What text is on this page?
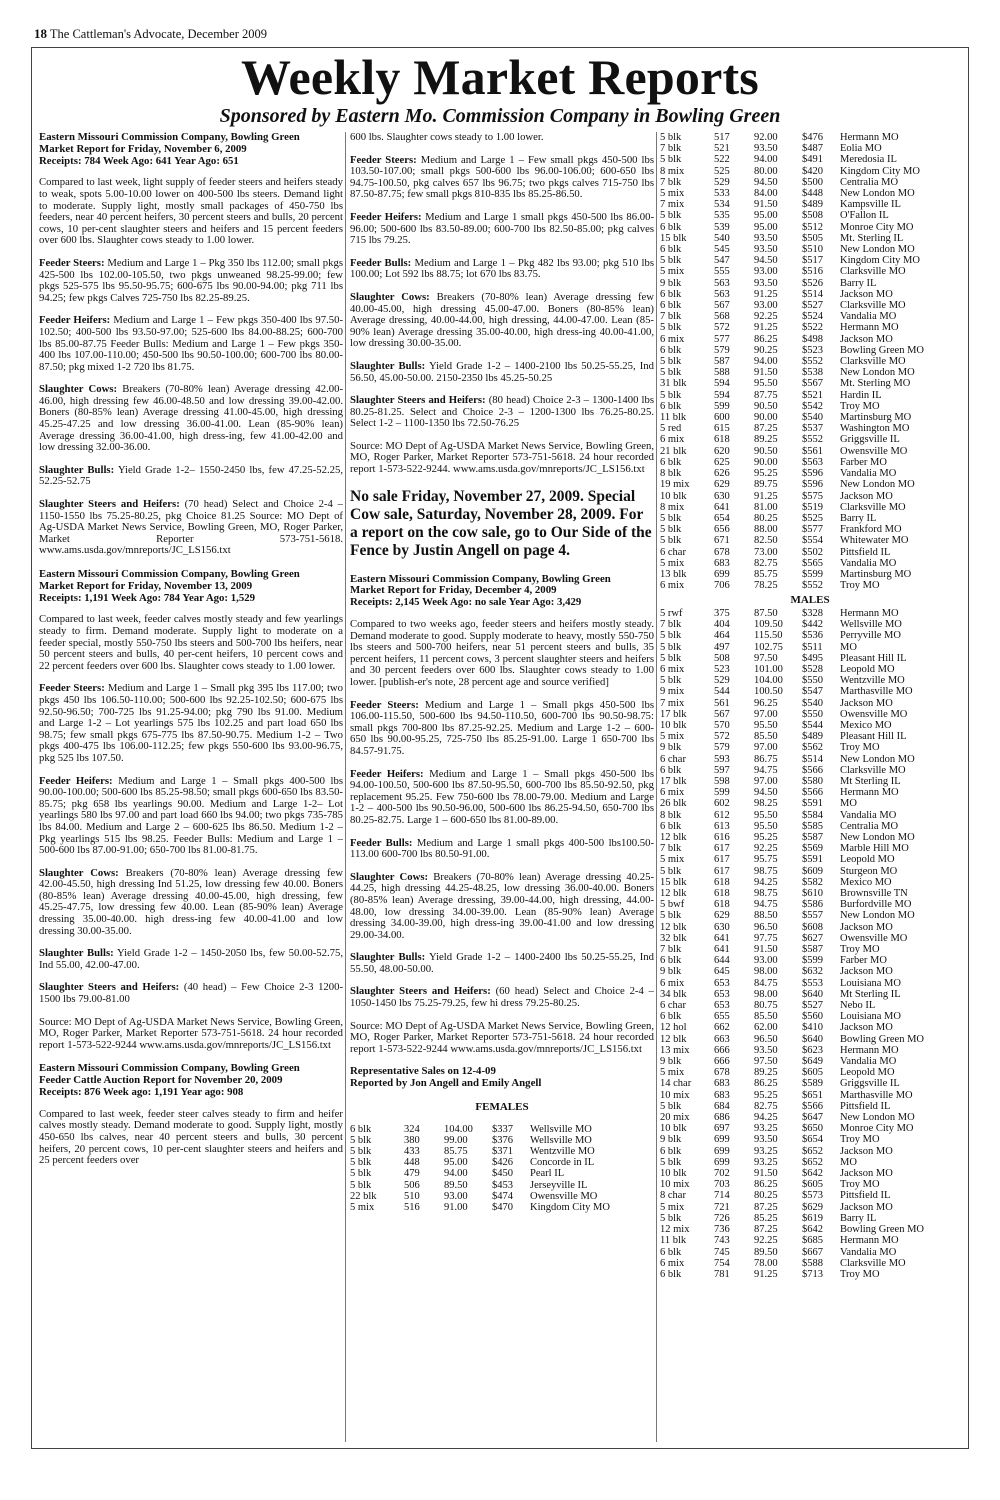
18 The Cattleman's Advocate, December 2009
Weekly Market Reports
Sponsored by Eastern Mo. Commission Company in Bowling Green
Eastern Missouri Commission Company, Bowling Green
Market Report for Friday, November 6, 2009
Receipts: 784 Week Ago: 641 Year Ago: 651

Compared to last week, light supply of feeder steers and heifers steady to weak, spots 5.00-10.00 lower on 400-500 lbs steers. Demand light to moderate. Supply light, mostly small packages of 450-750 lbs feeders, near 40 percent heifers, 30 percent steers and bulls, 20 percent cows, 10 per-cent slaughter steers and heifers and 15 percent feeders over 600 lbs. Slaughter cows steady to 1.00 lower.

Feeder Steers: Medium and Large 1 – Pkg 350 lbs 112.00; small pkgs 425-500 lbs 102.00-105.50, two pkgs unweaned 98.25-99.00; few pkgs 525-575 lbs 95.50-95.75; 600-675 lbs 90.00-94.00; pkg 711 lbs 94.25; few pkgs Calves 725-750 lbs 82.25-89.25.

Feeder Heifers: Medium and Large 1 – Few pkgs 350-400 lbs 97.50-102.50; 400-500 lbs 93.50-97.00; 525-600 lbs 84.00-88.25; 600-700 lbs 85.00-87.75 Feeder Bulls: Medium and Large 1 – Few pkgs 350-400 lbs 107.00-110.00; 450-500 lbs 90.50-100.00; 600-700 lbs 80.00-87.50; pkg mixed 1-2 720 lbs 81.75.

Slaughter Cows: Breakers (70-80% lean) Average dressing 42.00-46.00, high dressing few 46.00-48.50 and low dressing 39.00-42.00. Boners (80-85% lean) Average dressing 41.00-45.00, high dressing 45.25-47.25 and low dressing 36.00-41.00. Lean (85-90% lean) Average dressing 36.00-41.00, high dress-ing, few 41.00-42.00 and low dressing 32.00-36.00.

Slaughter Bulls: Yield Grade 1-2– 1550-2450 lbs, few 47.25-52.25, 52.25-52.75

Slaughter Steers and Heifers: (70 head) Select and Choice 2-4 – 1150-1550 lbs 75.25-80.25, pkg Choice 81.25 Source: MO Dept of Ag-USDA Market News Service, Bowling Green, MO, Roger Parker, Market Reporter 573-751-5618. www.ams.usda.gov/mnreports/JC_LS156.txt

Eastern Missouri Commission Company, Bowling Green
Market Report for Friday, November 13, 2009
Receipts: 1,191 Week Ago: 784 Year Ago: 1,529

Compared to last week, feeder calves mostly steady and few yearlings steady to firm. Demand moderate. Supply light to moderate on a feeder special, mostly 550-750 lbs steers and 500-700 lbs heifers, near 50 percent steers and bulls, 40 per-cent heifers, 10 percent cows and 22 percent feeders over 600 lbs. Slaughter cows steady to 1.00 lower.

Feeder Steers: Medium and Large 1 – Small pkg 395 lbs 117.00; two pkgs 450 lbs 106.50-110.00; 500-600 lbs 92.25-102.50; 600-675 lbs 92.50-96.50; 700-725 lbs 91.25-94.00; pkg 790 lbs 91.00. Medium and Large 1-2 – Lot yearlings 575 lbs 102.25 and part load 650 lbs 98.75; few small pkgs 675-775 lbs 87.50-90.75. Medium 1-2 – Two pkgs 400-475 lbs 106.00-112.25; few pkgs 550-600 lbs 93.00-96.75, pkg 525 lbs 107.50.

Feeder Heifers: Medium and Large 1 – Small pkgs 400-500 lbs 90.00-100.00; 500-600 lbs 85.25-98.50; small pkgs 600-650 lbs 83.50-85.75; pkg 658 lbs yearlings 90.00. Medium and Large 1-2– Lot yearlings 580 lbs 97.00 and part load 660 lbs 94.00; two pkgs 735-785 lbs 84.00. Medium and Large 2 – 600-625 lbs 86.50. Medium 1-2 – Pkg yearlings 515 lbs 98.25. Feeder Bulls: Medium and Large 1 – 500-600 lbs 87.00-91.00; 650-700 lbs 81.00-81.75.

Slaughter Cows: Breakers (70-80% lean) Average dressing few 42.00-45.50, high dressing Ind 51.25, low dressing few 40.00. Boners (80-85% lean) Average dressing 40.00-45.00, high dressing, few 45.25-47.75, low dressing few 40.00. Lean (85-90% lean) Average dressing 35.00-40.00. high dress-ing few 40.00-41.00 and low dressing 30.00-35.00.

Slaughter Bulls: Yield Grade 1-2 – 1450-2050 lbs, few 50.00-52.75, Ind 55.00, 42.00-47.00.

Slaughter Steers and Heifers: (40 head) – Few Choice 2-3 1200-1500 lbs 79.00-81.00

Source: MO Dept of Ag-USDA Market News Service, Bowling Green, MO, Roger Parker, Market Reporter 573-751-5618. 24 hour recorded report 1-573-522-9244 www.ams.usda.gov/mnreports/JC_LS156.txt

Eastern Missouri Commission Company, Bowling Green
Feeder Cattle Auction Report for November 20, 2009
Receipts: 876 Week ago: 1,191 Year ago: 908

Compared to last week, feeder steer calves steady to firm and heifer calves mostly steady. Demand moderate to good. Supply light, mostly 450-650 lbs calves, near 40 percent steers and bulls, 30 percent heifers, 20 percent cows, 10 per-cent slaughter steers and heifers and 25 percent feeders over

600 lbs. Slaughter cows steady to 1.00 lower.

Feeder Steers: Medium and Large 1 – Few small pkgs 450-500 lbs 103.50-107.00; small pkgs 500-600 lbs 96.00-106.00; 600-650 lbs 94.75-100.50, pkg calves 657 lbs 96.75; two pkgs calves 715-750 lbs 87.50-87.75; few small pkgs 810-835 lbs 85.25-86.50.

Feeder Heifers: Medium and Large 1 small pkgs 450-500 lbs 86.00-96.00; 500-600 lbs 83.50-89.00; 600-700 lbs 82.50-85.00; pkg calves 715 lbs 79.25.

Feeder Bulls: Medium and Large 1 – Pkg 482 lbs 93.00; pkg 510 lbs 100.00; Lot 592 lbs 88.75; lot 670 lbs 83.75.

Slaughter Cows: Breakers (70-80% lean) Average dressing few 40.00-45.00, high dressing 45.00-47.00. Boners (80-85% lean) Average dressing, 40.00-44.00, high dressing, 44.00-47.00. Lean (85-90% lean) Average dressing 35.00-40.00, high dress-ing 40.00-41.00, low dressing 30.00-35.00.

Slaughter Bulls: Yield Grade 1-2 – 1400-2100 lbs 50.25-55.25, Ind 56.50, 45.00-50.00. 2150-2350 lbs 45.25-50.25

Slaughter Steers and Heifers: (80 head) Choice 2-3 – 1300-1400 lbs 80.25-81.25. Select and Choice 2-3 – 1200-1300 lbs 76.25-80.25. Select 1-2 – 1100-1350 lbs 72.50-76.25

Source: MO Dept of Ag-USDA Market News Service, Bowling Green, MO, Roger Parker, Market Reporter 573-751-5618. 24 hour recorded report 1-573-522-9244. www.ams.usda.gov/mnreports/JC_LS156.txt

No sale Friday, November 27, 2009. Special Cow sale, Saturday, November 28, 2009. For a report on the cow sale, go to Our Side of the Fence by Justin Angell on page 4.
Eastern Missouri Commission Company, Bowling Green
Market Report for Friday, December 4, 2009
Receipts: 2,145 Week Ago: no sale Year Ago: 3,429

Compared to two weeks ago, feeder steers and heifers mostly steady. Demand moderate to good. Supply moderate to heavy, mostly 550-750 lbs steers and 500-700 heifers, near 51 percent steers and bulls, 35 percent heifers, 11 percent cows, 3 percent slaughter steers and heifers and 30 percent feeders over 600 lbs. Slaughter cows steady to 1.00 lower. [publish-er's note, 28 percent age and source verified]

Feeder Steers: Medium and Large 1 – Small pkgs 450-500 lbs 106.00-115.50, 500-600 lbs 94.50-110.50, 600-700 lbs 90.50-98.75: small pkgs 700-800 lbs 87.25-92.25. Medium and Large 1-2 – 600-650 lbs 90.00-95.25, 725-750 lbs 85.25-91.00. Large 1 650-700 lbs 84.57-91.75.

Feeder Heifers: Medium and Large 1 – Small pkgs 450-500 lbs 94.00-100.50, 500-600 lbs 87.50-95.50, 600-700 lbs 85.50-92.50, pkg replacement 95.25. Few 750-600 lbs 78.00-79.00. Medium and Large 1-2 – 400-500 lbs 90.50-96.00, 500-600 lbs 86.25-94.50, 650-700 lbs 80.25-82.75. Large 1 – 600-650 lbs 81.00-89.00.

Feeder Bulls: Medium and Large 1 small pkgs 400-500 lbs100.50-113.00 600-700 lbs 80.50-91.00.

Slaughter Cows: Breakers (70-80% lean) Average dressing 40.25-44.25, high dressing 44.25-48.25, low dressing 36.00-40.00. Boners (80-85% lean) Average dressing, 39.00-44.00, high dressing, 44.00-48.00, low dressing 34.00-39.00. Lean (85-90% lean) Average dressing 34.00-39.00, high dress-ing 39.00-41.00 and low dressing 29.00-34.00.

Slaughter Bulls: Yield Grade 1-2 – 1400-2400 lbs 50.25-55.25, Ind 55.50, 48.00-50.00.

Slaughter Steers and Heifers: (60 head) Select and Choice 2-4 – 1050-1450 lbs 75.25-79.25, few hi dress 79.25-80.25.

Source: MO Dept of Ag-USDA Market News Service, Bowling Green, MO, Roger Parker, Market Reporter 573-751-5618. 24 hour recorded report 1-573-522-9244 www.ams.usda.gov/mnreports/JC_LS156.txt

Representative Sales on 12-4-09
Reported by Jon Angell and Emily Angell
FEMALES
6 blk	324	104.00	$337	Wellsville MO
5 blk	380	99.00	$376	Wellsville MO
5 blk	433	85.75	$371	Wentzville MO
5 blk	448	95.00	$426	Concorde in IL
5 blk	479	94.00	$450	Pearl IL
5 blk	506	89.50	$453	Jerseyville IL
22 blk	510	93.00	$474	Owensville MO
5 mix	516	91.00	$470	Kingdom City MO
5 blk	517	92.00	$476	Hermann MO
7 blk	521	93.50	$487	Eolia MO
5 blk	522	94.00	$491	Meredosia IL
8 mix	525	80.00	$420	Kingdom City MO
7 blk	529	94.50	$500	Centralia MO
5 mix	533	84.00	$448	New London MO
7 mix	534	91.50	$489	Kampsville IL
5 blk	535	95.00	$508	O'Fallon IL
6 blk	539	95.00	$512	Monroe City MO
15 blk	540	93.50	$505	Mt. Sterling IL
6 blk	545	93.50	$510	New London MO
5 blk	547	94.50	$517	Kingdom City MO
5 mix	555	93.00	$516	Clarksville MO
9 blk	563	93.50	$526	Barry IL
6 blk	563	91.25	$514	Jackson MO
6 blk	567	93.00	$527	Clarksville MO
7 blk	568	92.25	$524	Vandalia MO
5 blk	572	91.25	$522	Hermann MO
6 mix	577	86.25	$498	Jackson MO
6 blk	579	90.25	$523	Bowling Green MO
5 blk	587	94.00	$552	Clarksville MO
5 blk	588	91.50	$538	New London MO
31 blk	594	95.50	$567	Mt. Sterling MO
5 blk	594	87.75	$521	Hardin IL
6 blk	599	90.50	$542	Troy MO
11 blk	600	90.00	$540	Martinsburg MO
5 red	615	87.25	$537	Washington MO
6 mix	618	89.25	$552	Griggsville IL
21 blk	620	90.50	$561	Owensville MO
6 blk	625	90.00	$563	Farber MO
8 blk	626	95.25	$596	Vandalia MO
19 mix	629	89.75	$596	New London MO
10 blk	630	91.25	$575	Jackson MO
8 mix	641	81.00	$519	Clarksville MO
5 blk	654	80.25	$525	Barry IL
5 blk	656	88.00	$577	Frankford MO
5 blk	671	82.50	$554	Whitewater MO
6 char	678	73.00	$502	Pittsfield IL
5 mix	683	82.75	$565	Vandalia MO
13 blk	699	85.75	$599	Martinsburg MO
6 mix	706	78.25	$552	Troy MO
MALES
5 rwf	375	87.50	$328	Hermann MO
7 blk	404	109.50	$442	Wellsville MO
5 blk	464	115.50	$536	Perryville MO
5 blk	497	102.75	$511	MO
5 blk	508	97.50	$495	Pleasant Hill IL
6 mix	523	101.00	$528	Leopold MO
5 blk	529	104.00	$550	Wentzville MO
9 mix	544	100.50	$547	Marthasville MO
7 mix	561	96.25	$540	Jackson MO
17 blk	567	97.00	$550	Owensville MO
10 blk	570	95.50	$544	Mexico MO
5 mix	572	85.50	$489	Pleasant Hill IL
9 blk	579	97.00	$562	Troy MO
6 char	593	86.75	$514	New London MO
6 blk	597	94.75	$566	Clarksville MO
17 blk	598	97.00	$580	Mt Sterling IL
6 mix	599	94.50	$566	Hermann MO
26 blk	602	98.25	$591	MO
8 blk	612	95.50	$584	Vandalia MO
6 blk	613	95.50	$585	Centralia MO
12 blk	616	95.25	$587	New London MO
7 blk	617	92.25	$569	Marble Hill MO
5 mix	617	95.75	$591	Leopold MO
5 blk	617	98.75	$609	Sturgeon MO
15 blk	618	94.25	$582	Mexico MO
12 blk	618	98.75	$610	Brownsville TN
5 bwf	618	94.75	$586	Burfordville MO
5 blk	629	88.50	$557	New London MO
12 blk	630	96.50	$608	Jackson MO
32 blk	641	97.75	$627	Owensville MO
7 blk	641	91.50	$587	Troy MO
6 blk	644	93.00	$599	Farber MO
9 blk	645	98.00	$632	Jackson MO
6 mix	653	84.75	$553	Louisiana MO
34 blk	653	98.00	$640	Mt Sterling IL
6 char	653	80.75	$527	Nebo IL
6 blk	655	85.50	$560	Louisiana MO
12 hol	662	62.00	$410	Jackson MO
12 blk	663	96.50	$640	Bowling Green MO
13 mix	666	93.50	$623	Hermann MO
9 blk	666	97.50	$649	Vandalia MO
5 mix	678	89.25	$605	Leopold MO
14 char	683	86.25	$589	Griggsville IL
10 mix	683	95.25	$651	Marthasville MO
5 blk	684	82.75	$566	Pittsfield IL
20 mix	686	94.25	$647	New London MO
10 blk	697	93.25	$650	Monroe City MO
9 blk	699	93.50	$654	Troy MO
6 blk	699	93.25	$652	Jackson MO
5 blk	699	93.25	$652	MO
10 blk	702	91.50	$642	Jackson MO
10 mix	703	86.25	$605	Troy MO
8 char	714	80.25	$573	Pittsfield IL
5 mix	721	87.25	$629	Jackson MO
5 blk	726	85.25	$619	Barry IL
12 mix	736	87.25	$642	Bowling Green MO
11 blk	743	92.25	$685	Hermann MO
6 blk	745	89.50	$667	Vandalia MO
6 mix	754	78.00	$588	Clarksville MO
6 blk	781	91.25	$713	Troy MO
